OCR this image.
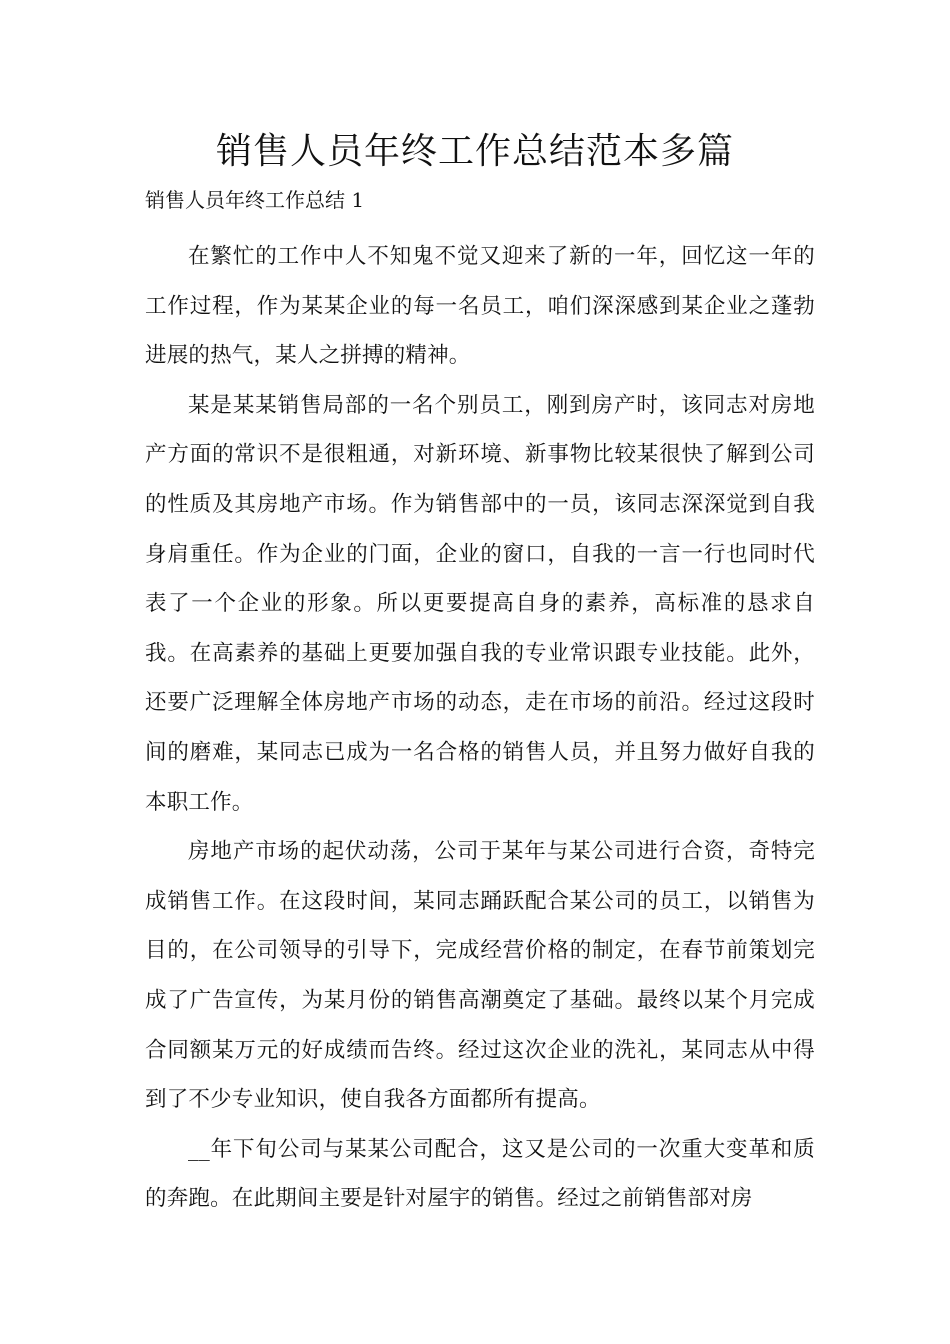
销售人员年终工作总结范本多篇

销售人员年终工作总结 1

在繁忙的工作中人不知鬼不觉又迎来了新的一年，回忆这一年的工作过程，作为某某企业的每一名员工，咱们深深感到某企业之蓬勃进展的热气，某人之拼搏的精神。

某是某某销售局部的一名个别员工，刚到房产时，该同志对房地产方面的常识不是很粗通，对新环境、新事物比较某很快了解到公司的性质及其房地产市场。作为销售部中的一员，该同志深深觉到自我身肩重任。作为企业的门面，企业的窗口，自我的一言一行也同时代表了一个企业的形象。所以更要提高自身的素养，高标准的恳求自我。在高素养的基础上更要加强自我的专业常识跟专业技能。此外，还要广泛理解全体房地产市场的动态，走在市场的前沿。经过这段时间的磨难，某同志已成为一名合格的销售人员，并且努力做好自我的本职工作。

房地产市场的起伏动荡，公司于某年与某公司进行合资，奇特完成销售工作。在这段时间，某同志踊跃配合某公司的员工，以销售为目的，在公司领导的引导下，完成经营价格的制定，在春节前策划完成了广告宣传，为某月份的销售高潮奠定了基础。最终以某个月完成合同额某万元的好成绩而告终。经过这次企业的洗礼，某同志从中得到了不少专业知识，使自我各方面都所有提高。

__年下旬公司与某某公司配合，这又是公司的一次重大变革和质的奔跑。在此期间主要是针对屋宇的销售。经过之前销售部对房
